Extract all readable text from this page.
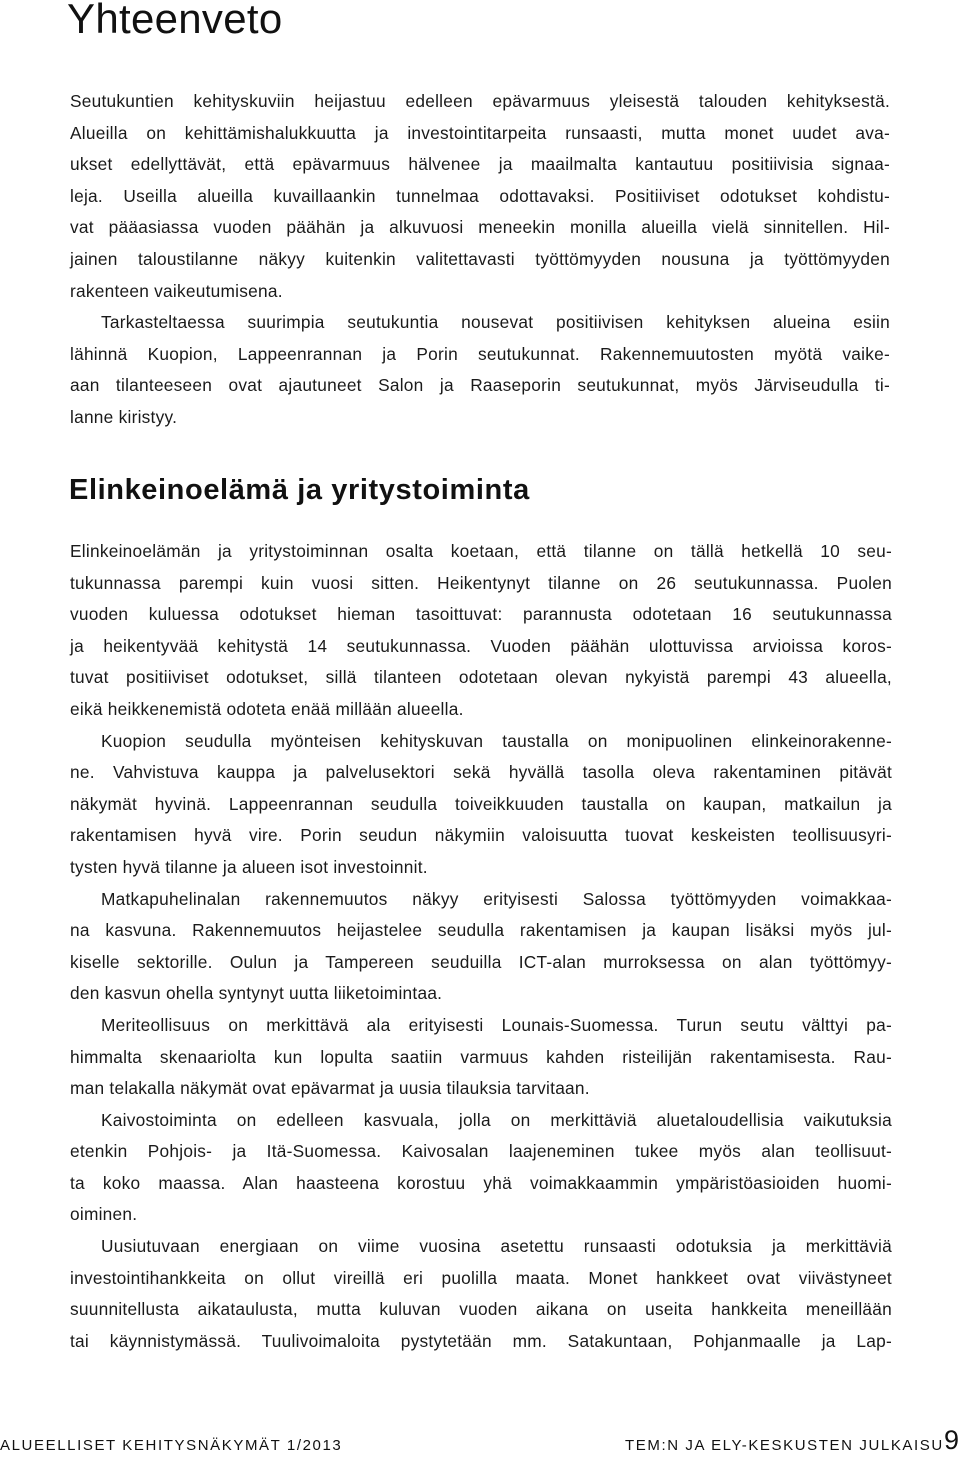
Yhteenveto
Seutukuntien kehityskuviin heijastuu edelleen epävarmuus yleisestä talouden kehityksestä.
Alueilla on kehittämishalukkuutta ja investointitarpeita runsaasti, mutta monet uudet ava-
ukset edellyttävät, että epävarmuus hälvenee ja maailmalta kantautuu positiivisia signaa-
leja. Useilla alueilla kuvaillaankin tunnelmaa odottavaksi. Positiiviset odotukset kohdistu-
vat pääasiassa vuoden päähän ja alkuvuosi meneekin monilla alueilla vielä sinnitellen. Hil-
jainen taloustilanne näkyy kuitenkin valitettavasti työttömyyden nousuna ja työttömyyden
rakenteen vaikeutumisena.
Tarkasteltaessa suurimpia seutukuntia nousevat positiivisen kehityksen alueina esiin
lähinnä Kuopion, Lappeenrannan ja Porin seutukunnat. Rakennemuutosten myötä vaike-
aan tilanteeseen ovat ajautuneet Salon ja Raaseporin seutukunnat, myös Järviseudulla ti-
lanne kiristyy.
Elinkeinoelämä ja yritystoiminta
Elinkeinoelämän ja yritystoiminnan osalta koetaan, että tilanne on tällä hetkellä 10 seu-
tukunnassa parempi kuin vuosi sitten. Heikentynyt tilanne on 26 seutukunnassa. Puolen
vuoden kuluessa odotukset hieman tasoittuvat: parannusta odotetaan 16 seutukunnassa
ja heikentyvää kehitystä 14 seutukunnassa. Vuoden päähän ulottuvissa arvioissa koros-
tuvat positiiviset odotukset, sillä tilanteen odotetaan olevan nykyistä parempi 43 alueella,
eikä heikkenemistä odoteta enää millään alueella.
Kuopion seudulla myönteisen kehityskuvan taustalla on monipuolinen elinkeinorakenne-
ne. Vahvistuva kauppa ja palvelusektori sekä hyvällä tasolla oleva rakentaminen pitävät
näkymät hyvinä. Lappeenrannan seudulla toiveikkuuden taustalla on kaupan, matkailun ja
rakentamisen hyvä vire. Porin seudun näkymiin valoisuutta tuovat keskeisten teollisuusyri-
tysten hyvä tilanne ja alueen isot investoinnit.
Matkapuhelinalan rakennemuutos näkyy erityisesti Salossa työttömyyden voimakkaa-
na kasvuna. Rakennemuutos heijastelee seudulla rakentamisen ja kaupan lisäksi myös jul-
kiselle sektorille. Oulun ja Tampereen seuduilla ICT-alan murroksessa on alan työttömyy-
den kasvun ohella syntynyt uutta liiketoimintaa.
Meriteollisuus on merkittävä ala erityisesti Lounais-Suomessa. Turun seutu välttyi pa-
himmalta skenaariolta kun lopulta saatiin varmuus kahden risteilijän rakentamisesta. Rau-
man telakalla näkymät ovat epävarmat ja uusia tilauksia tarvitaan.
Kaivostoiminta on edelleen kasvuala, jolla on merkittäviä aluetaloudellisia vaikutuksia
etenkin Pohjois- ja Itä-Suomessa. Kaivosalan laajeneminen tukee myös alan teollisuut-
ta koko maassa. Alan haasteena korostuu yhä voimakkaammin ympäristöasioiden huomi-
oiminen.
Uusiutuvaan energiaan on viime vuosina asetettu runsaasti odotuksia ja merkittäviä
investointihankkeita on ollut vireillä eri puolilla maata. Monet hankkeet ovat viivästyneet
suunnitellusta aikataulusta, mutta kuluvan vuoden aikana on useita hankkeita meneillään
tai käynnistymässä. Tuulivoimaloita pystytetään mm. Satakuntaan, Pohjanmaalle ja Lap-
ALUEELLISET KEHITYSNÄKYMÄT 1/2013	TEM:N JA ELY-KESKUSTEN JULKAISU 9
